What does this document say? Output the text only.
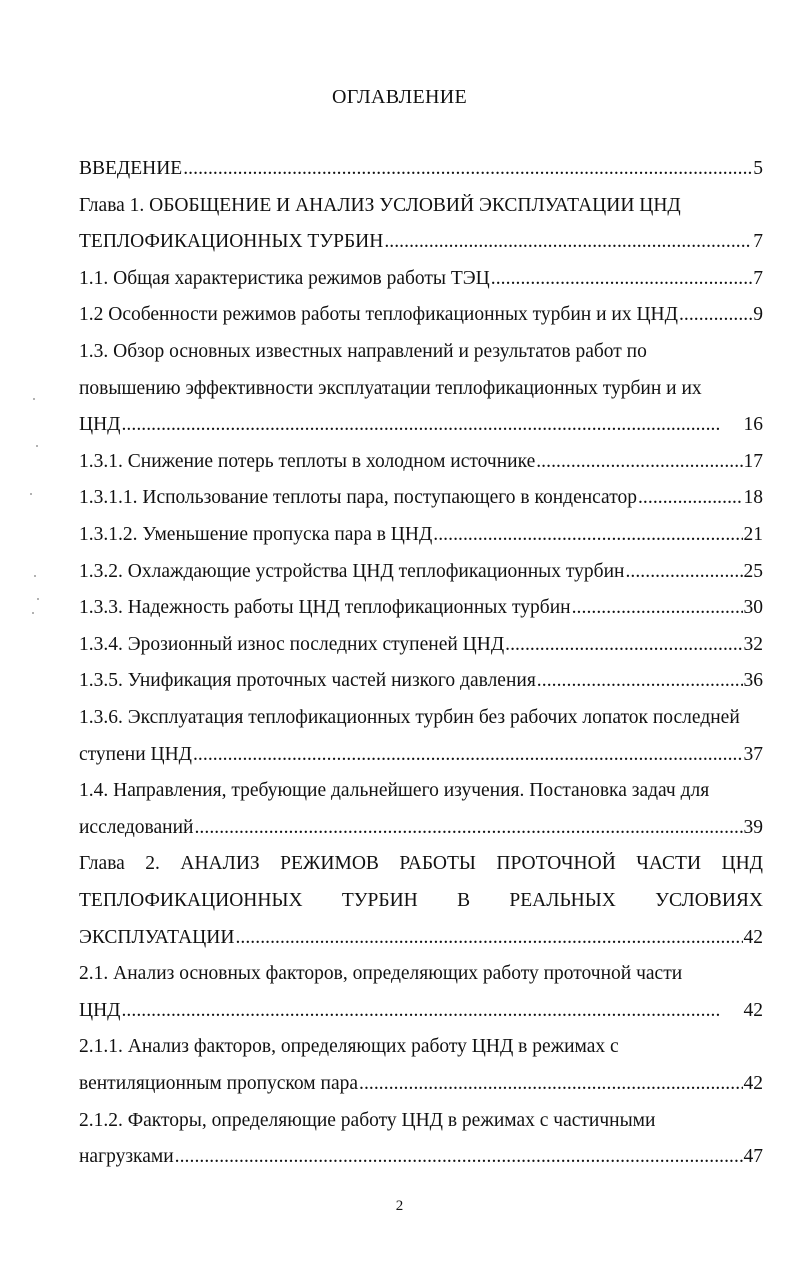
ОГЛАВЛЕНИЕ
ВВЕДЕНИЕ . . .	5
Глава 1. ОБОБЩЕНИЕ И АНАЛИЗ УСЛОВИЙ ЭКСПЛУАТАЦИИ ЦНД
ТЕПЛОФИКАЦИОННЫХ ТУРБИН . . .	7
1.1. Общая характеристика режимов работы ТЭЦ . . .	7
1.2 Особенности режимов работы теплофикационных турбин и их ЦНД . . .	9
1.3. Обзор основных известных направлений и результатов работ по
повышению эффективности эксплуатации теплофикационных турбин и их
ЦНД . . .	16
1.3.1. Снижение потерь теплоты в холодном источнике . . .	17
1.3.1.1. Использование теплоты пара, поступающего в конденсатор . . .	18
1.3.1.2. Уменьшение пропуска пара в ЦНД . . .	21
1.3.2. Охлаждающие устройства ЦНД теплофикационных турбин . . .	25
1.3.3. Надежность работы ЦНД теплофикационных турбин . . .	30
1.3.4. Эрозионный износ последних ступеней ЦНД . . .	32
1.3.5. Унификация проточных частей низкого давления . . .	36
1.3.6. Эксплуатация теплофикационных турбин без рабочих лопаток последней
ступени ЦНД . . .	37
1.4. Направления, требующие дальнейшего изучения. Постановка задач для
исследований . . .	39
Глава 2. АНАЛИЗ РЕЖИМОВ РАБОТЫ ПРОТОЧНОЙ ЧАСТИ ЦНД
ТЕПЛОФИКАЦИОННЫХ ТУРБИН В РЕАЛЬНЫХ УСЛОВИЯХ
ЭКСПЛУАТАЦИИ . . .	42
2.1. Анализ основных факторов, определяющих работу проточной части
ЦНД . . .	42
2.1.1. Анализ факторов, определяющих работу ЦНД в режимах с
вентиляционным пропуском пара . . .	42
2.1.2. Факторы, определяющие работу ЦНД в режимах с частичными
нагрузками . . .	47
2
